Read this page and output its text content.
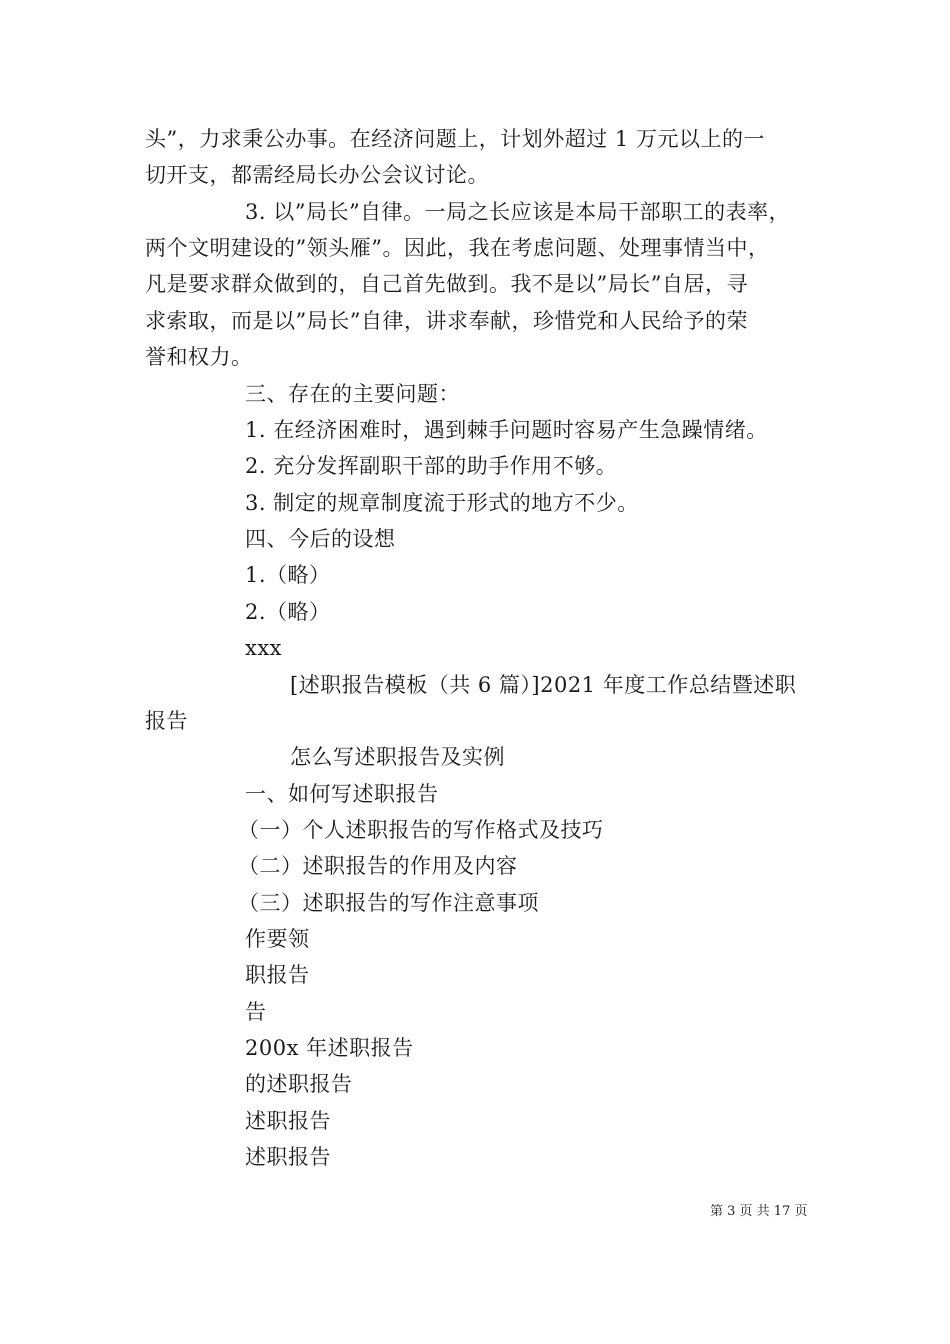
头”，力求秉公办事。在经济问题上，计划外超过 1 万元以上的一
切开支，都需经局长办公会议讨论。
3. 以”局长”自律。一局之长应该是本局干部职工的表率，
两个文明建设的”领头雁”。因此，我在考虑问题、处理事情当中，
凡是要求群众做到的，自己首先做到。我不是以”局长”自居，寻
求索取，而是以”局长”自律，讲求奉献，珍惜党和人民给予的荣
誉和权力。
三、存在的主要问题：
1. 在经济困难时，遇到棘手问题时容易产生急躁情绪。
2. 充分发挥副职干部的助手作用不够。
3. 制定的规章制度流于形式的地方不少。
四、今后的设想
1.（略）
2.（略）
xxx
[述职报告模板（共 6 篇）]2021 年度工作总结暨述职
报告
怎么写述职报告及实例
一、如何写述职报告
（一）个人述职报告的写作格式及技巧
（二）述职报告的作用及内容
（三）述职报告的写作注意事项
作要领
职报告
告
200x 年述职报告
的述职报告
述职报告
述职报告
第 3 页 共 17 页
